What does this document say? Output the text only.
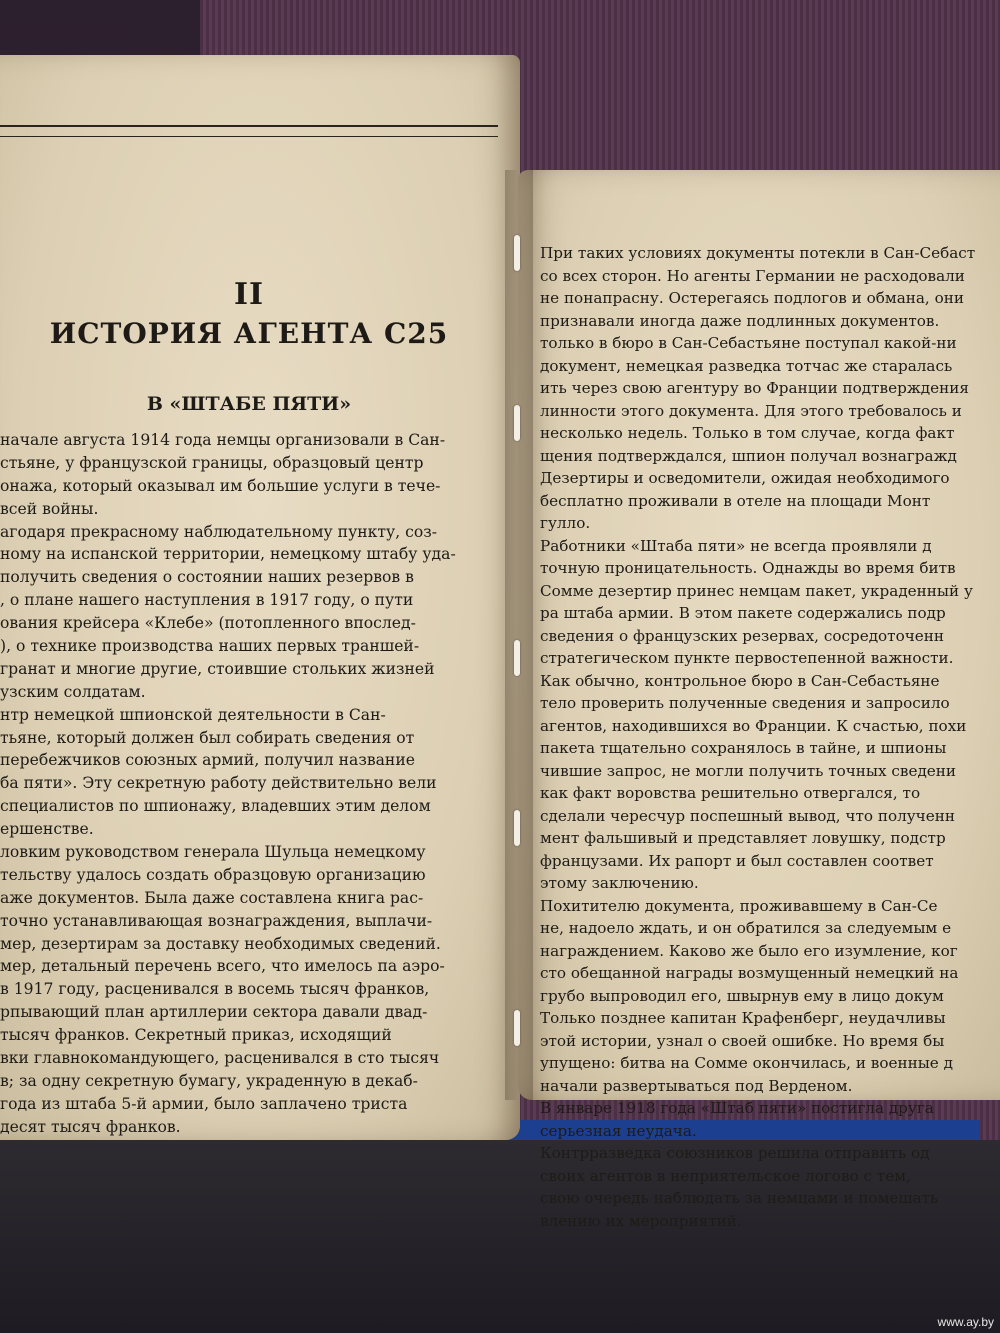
II
ИСТОРИЯ АГЕНТА С25
В «ШТАБЕ ПЯТИ»
начале августа 1914 года немцы организовали в Сан-
стьяне, у французской границы, образцовый центр
онажа, который оказывал им большие услуги в тече-
всей войны.
агодаря прекрасному наблюдательному пункту, соз-
ному на испанской территории, немецкому штабу уда-
получить сведения о состоянии наших резервов в
, о плане нашего наступления в 1917 году, о пути
ования крейсера «Клебе» (потопленного впослед-
), о технике производства наших первых траншей-
гранат и многие другие, стоившие стольких жизней
узским солдатам.
нтр немецкой шпионской деятельности в Сан-
тьяне, который должен был собирать сведения от
перебежчиков союзных армий, получил название
ба пяти». Эту секретную работу действительно вели
специалистов по шпионажу, владевших этим делом
ершенстве.
ловким руководством генерала Шульца немецкому
тельству удалось создать образцовую организацию
аже документов. Была даже составлена книга рас-
точно устанавливающая вознаграждения, выплачи-
мер, дезертирам за доставку необходимых сведений.
мер, детальный перечень всего, что имелось па аэро-
в 1917 году, расценивался в восемь тысяч франков,
рпывающий план артиллерии сектора давали двад-
тысяч франков. Секретный приказ, исходящий
вки главнокомандующего, расценивался в сто тысяч
в; за одну секретную бумагу, украденную в декаб-
года из штаба 5-й армии, было заплачено триста
десят тысяч франков.
При таких условиях документы потекли в Сан-Себаст
со всех сторон. Но агенты Германии не расходовали
не понапрасну. Остерегаясь подлогов и обмана, они
признавали иногда даже подлинных документов.
только в бюро в Сан-Себастьяне поступал какой-ни
документ, немецкая разведка тотчас же старалась
ить через свою агентуру во Франции подтверждения
линности этого документа. Для этого требовалось и
несколько недель. Только в том случае, когда факт
щения подтверждался, шпион получал вознагражд
Дезертиры и осведомители, ожидая необходимого
бесплатно проживали в отеле на площади Монт
гулло.
Работники «Штаба пяти» не всегда проявляли д
точную проницательность. Однажды во время битв
Сомме дезертир принес немцам пакет, украденный у
ра штаба армии. В этом пакете содержались подр
сведения о французских резервах, сосредоточенн
стратегическом пункте первостепенной важности.
Как обычно, контрольное бюро в Сан-Себастьяне
тело проверить полученные сведения и запросило
агентов, находившихся во Франции. К счастью, похи
пакета тщательно сохранялось в тайне, и шпионы
чившие запрос, не могли получить точных сведени
как факт воровства решительно отвергался, то
сделали чересчур поспешный вывод, что полученн
мент фальшивый и представляет ловушку, подстр
французами. Их рапорт и был составлен соответ
этому заключению.
Похитителю документа, проживавшему в Сан-Се
не, надоело ждать, и он обратился за следуемым е
награждением. Каково же было его изумление, ког
сто обещанной награды возмущенный немецкий на
грубо выпроводил его, швырнув ему в лицо докум
Только позднее капитан Крафенберг, неудачливы
этой истории, узнал о своей ошибке. Но время бы
упущено: битва на Сомме окончилась, и военные д
начали развертываться под Верденом.
В январе 1918 года «Штаб пяти» постигла друга
серьезная неудача.
Контрразведка союзников решила отправить од
своих агентов в неприятельское логово с тем,
свою очередь наблюдать за немцами и помешать
влению их мероприятий.
www.ay.by
